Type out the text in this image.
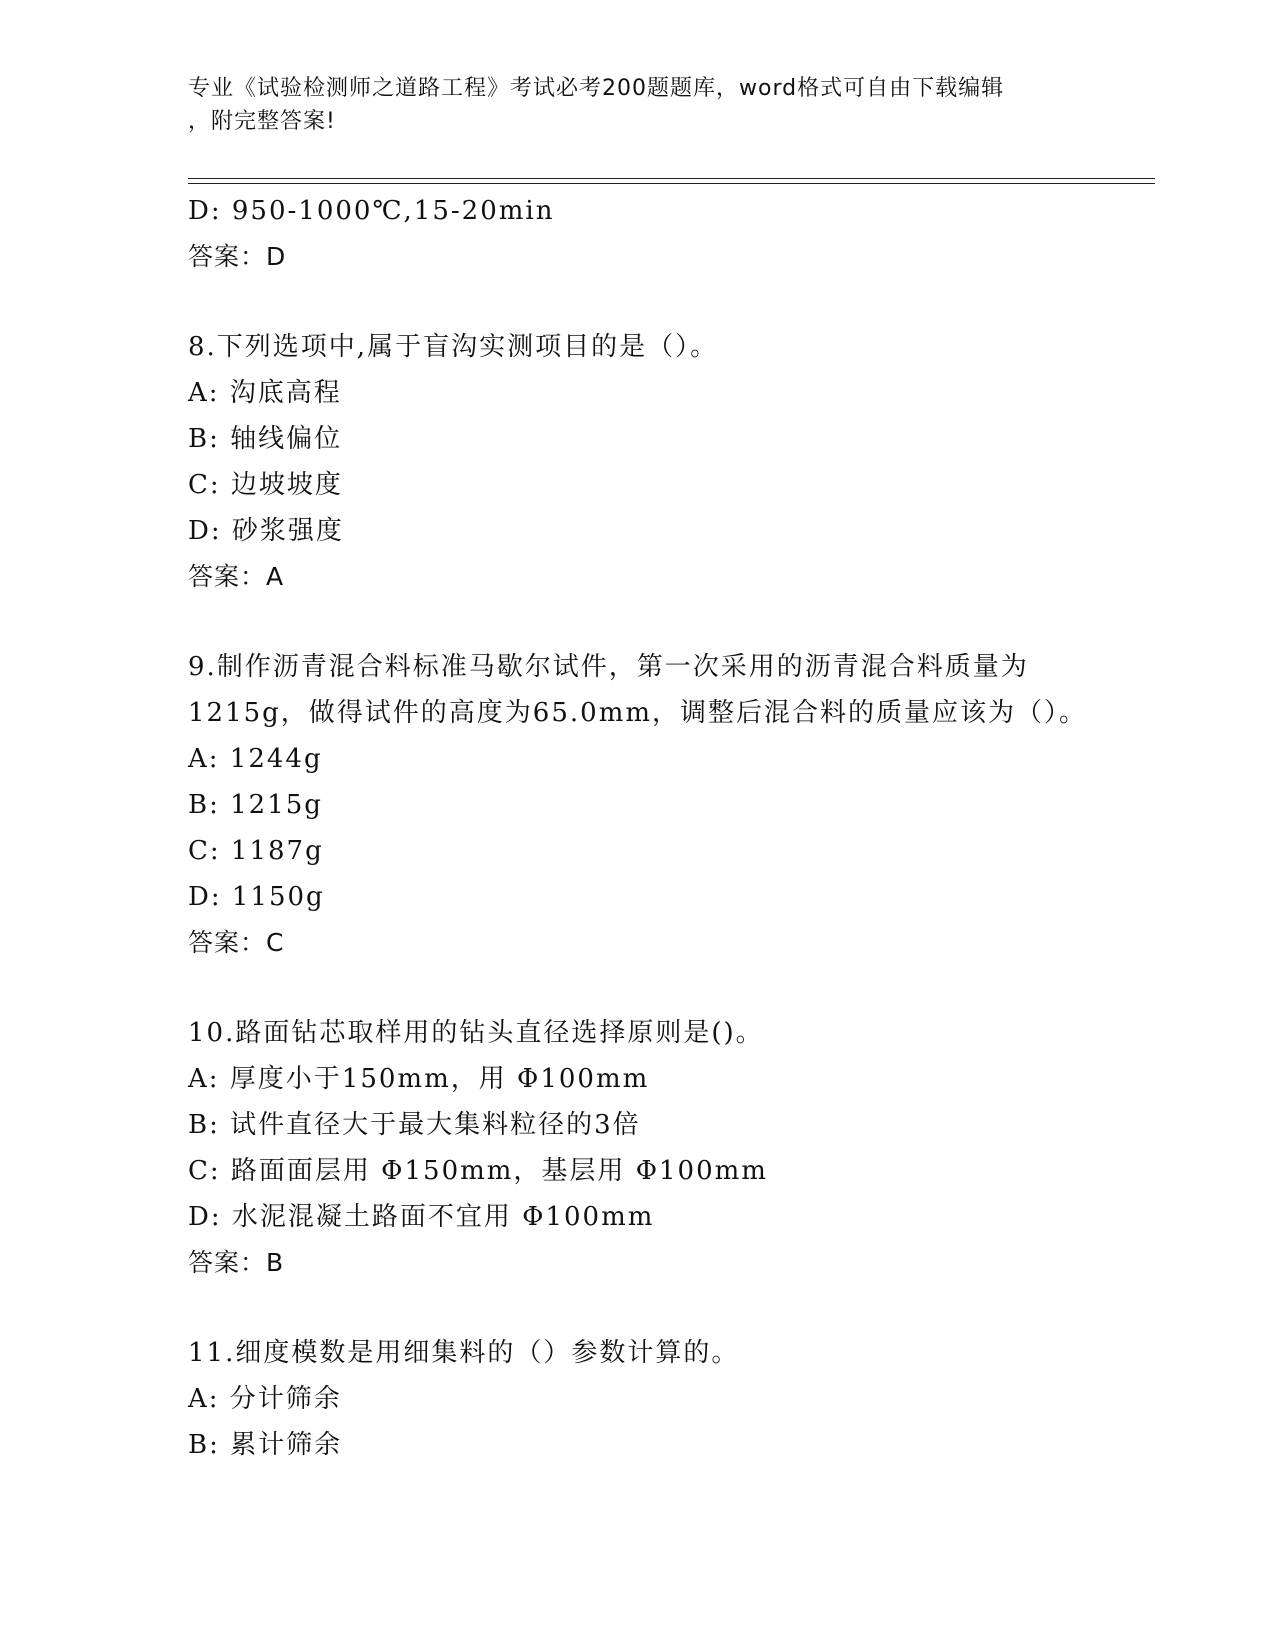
专业《试验检测师之道路工程》考试必考200题题库，word格式可自由下载编辑
，附完整答案!
D: 950-1000℃,15-20min
答案：D
8.下列选项中,属于盲沟实测项目的是（）。
A: 沟底高程
B: 轴线偏位
C: 边坡坡度
D: 砂浆强度
答案：A
9.制作沥青混合料标准马歇尔试件，第一次采用的沥青混合料质量为
1215g，做得试件的高度为65.0mm，调整后混合料的质量应该为（）。
A: 1244g
B: 1215g
C: 1187g
D: 1150g
答案：C
10.路面钻芯取样用的钻头直径选择原则是()。
A: 厚度小于150mm，用 Φ100mm
B: 试件直径大于最大集料粒径的3倍
C: 路面面层用 Φ150mm，基层用 Φ100mm
D: 水泥混凝土路面不宜用 Φ100mm
答案：B
11.细度模数是用细集料的（）参数计算的。
A: 分计筛余
B: 累计筛余
